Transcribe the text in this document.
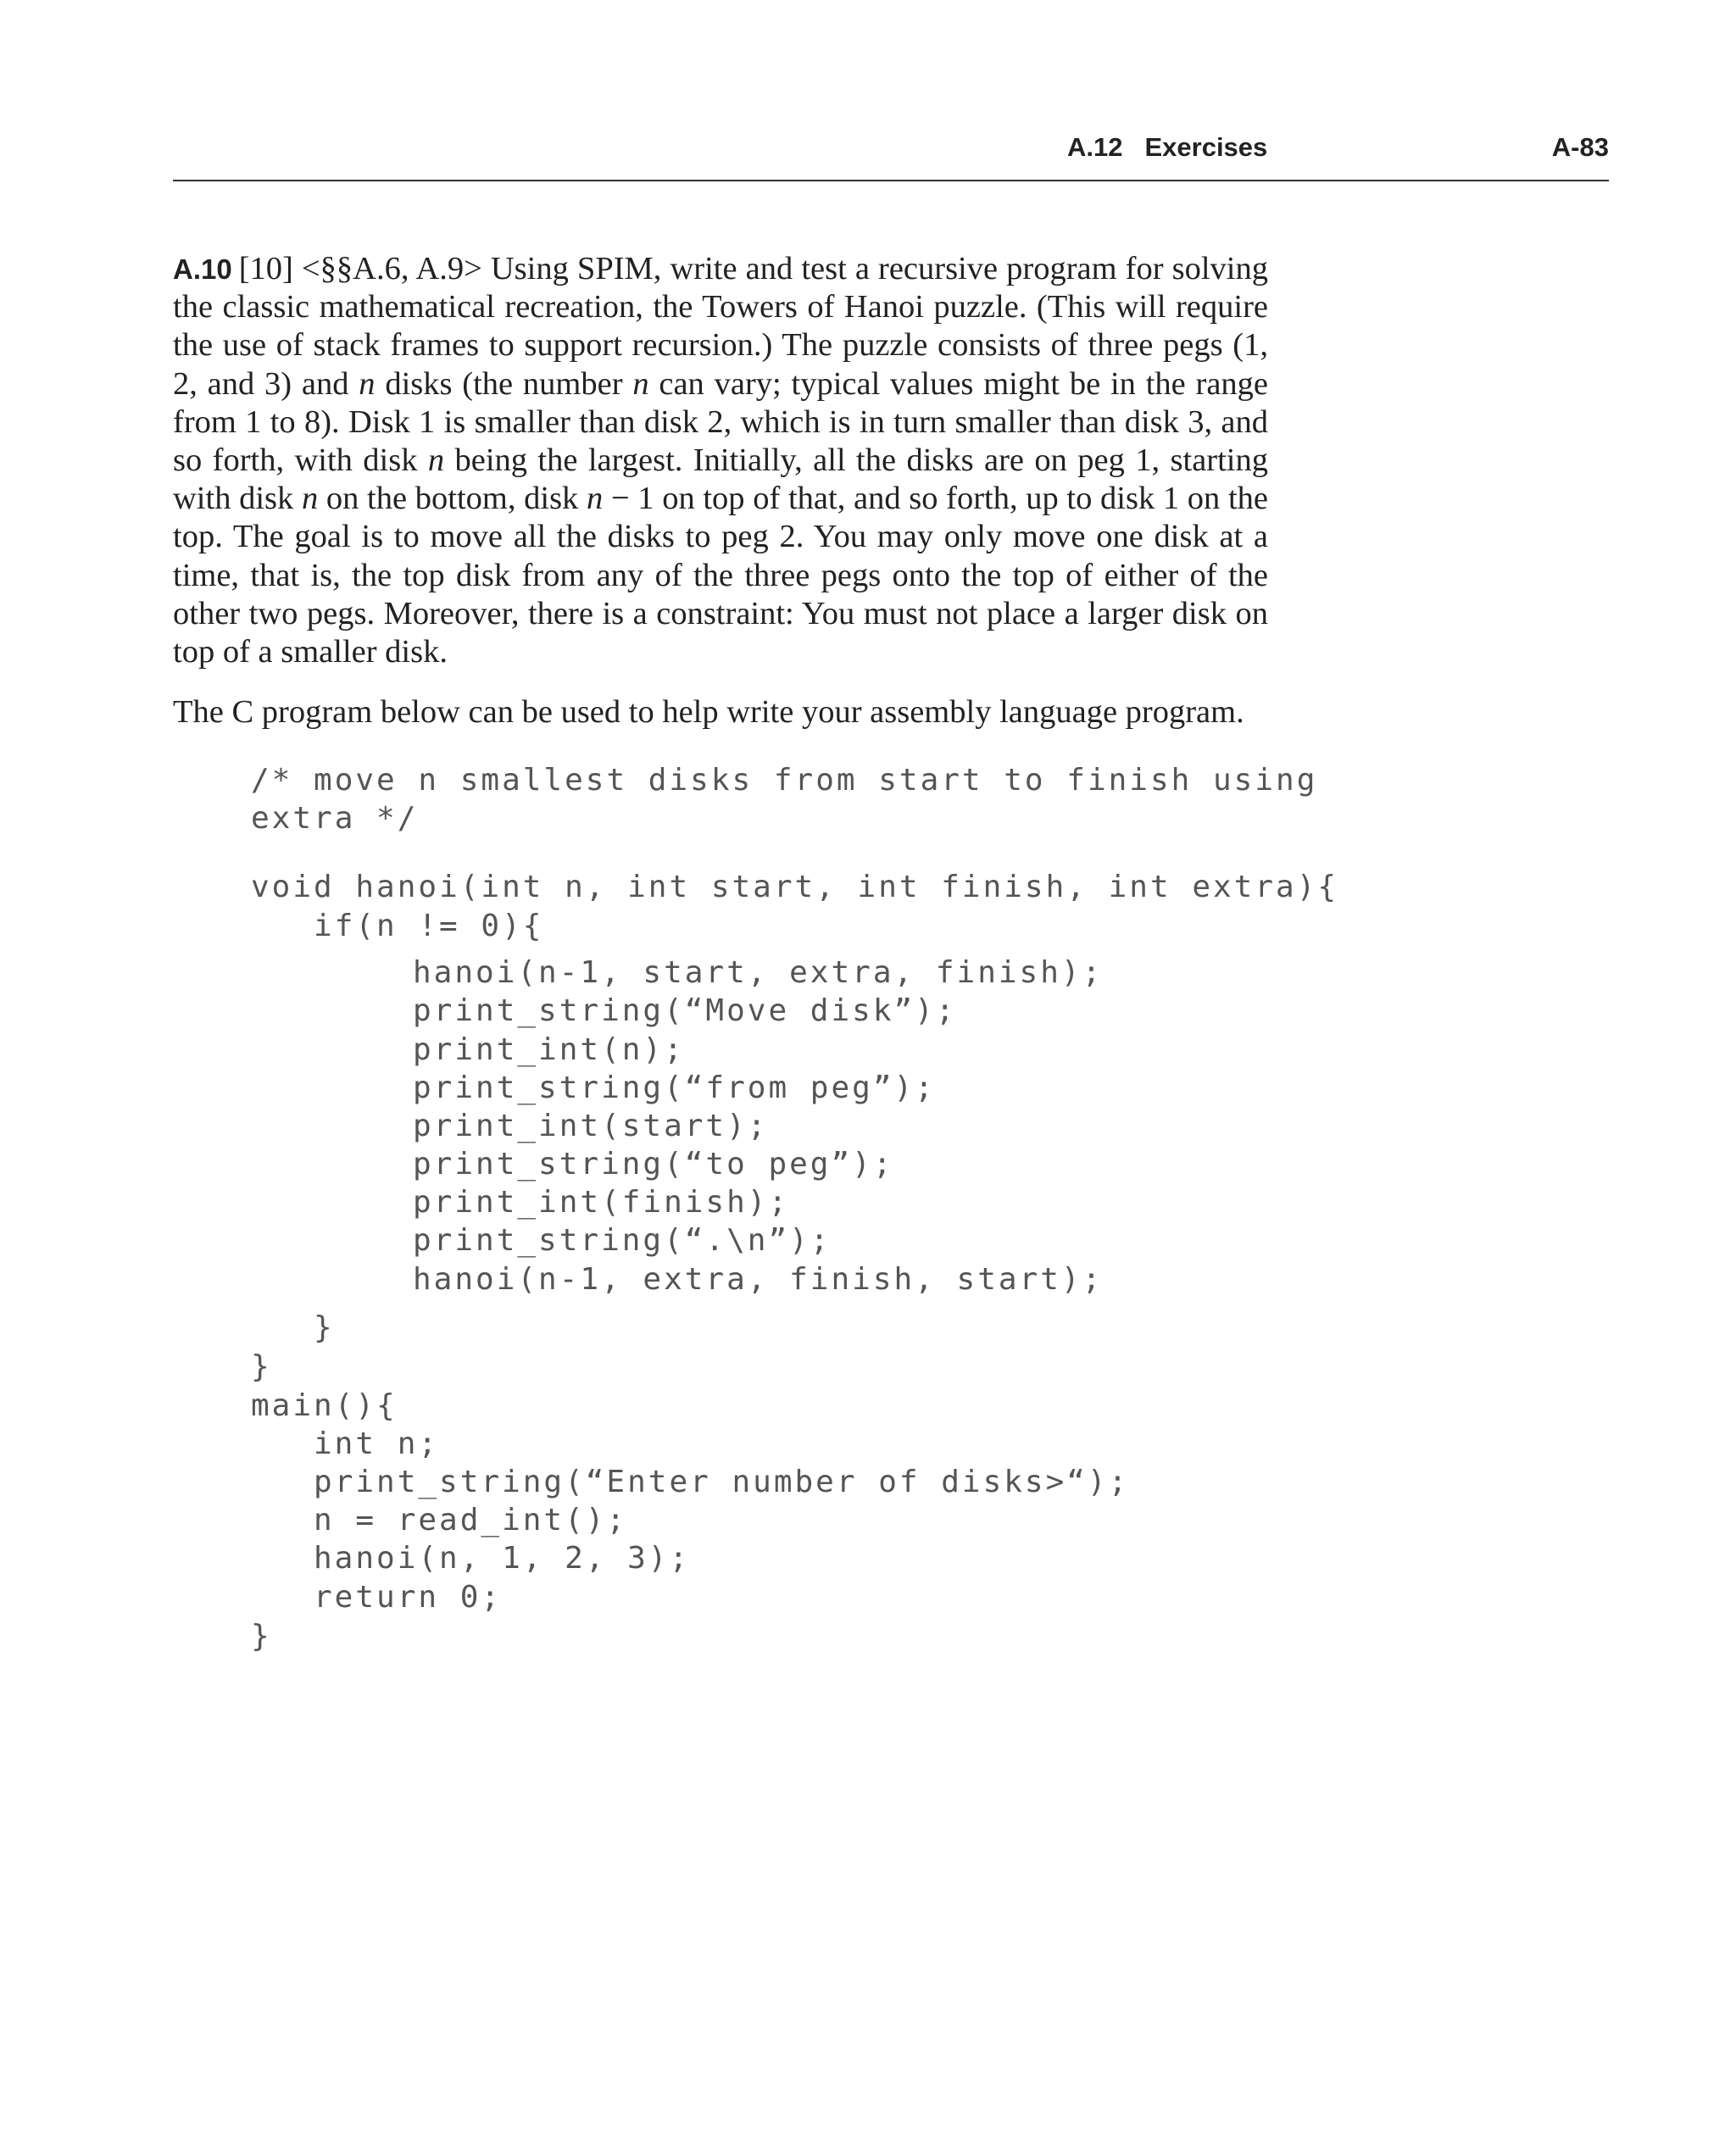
A.12 Exercises	A-83

A.10 [10] <§§A.6, A.9> Using SPIM, write and test a recursive program for solving the classic mathematical recreation, the Towers of Hanoi puzzle. (This will require the use of stack frames to support recursion.) The puzzle consists of three pegs (1, 2, and 3) and n disks (the number n can vary; typical values might be in the range from 1 to 8). Disk 1 is smaller than disk 2, which is in turn smaller than disk 3, and so forth, with disk n being the largest. Initially, all the disks are on peg 1, starting with disk n on the bottom, disk n − 1 on top of that, and so forth, up to disk 1 on the top. The goal is to move all the disks to peg 2. You may only move one disk at a time, that is, the top disk from any of the three pegs onto the top of either of the other two pegs. Moreover, there is a constraint: You must not place a larger disk on top of a smaller disk.

The C program below can be used to help write your assembly language program.

/* move n smallest disks from start to finish using
extra */
void hanoi(int n, int start, int finish, int extra){
if(n != 0){
hanoi(n-1, start, extra, finish);
print_string(“Move disk”);
print_int(n);
print_string(“from peg”);
print_int(start);
print_string(“to peg”);
print_int(finish);
print_string(“.\n”);
hanoi(n-1, extra, finish, start);
}
}
main(){
int n;
print_string(“Enter number of disks>“);
n = read_int();
hanoi(n, 1, 2, 3);
return 0;
}
